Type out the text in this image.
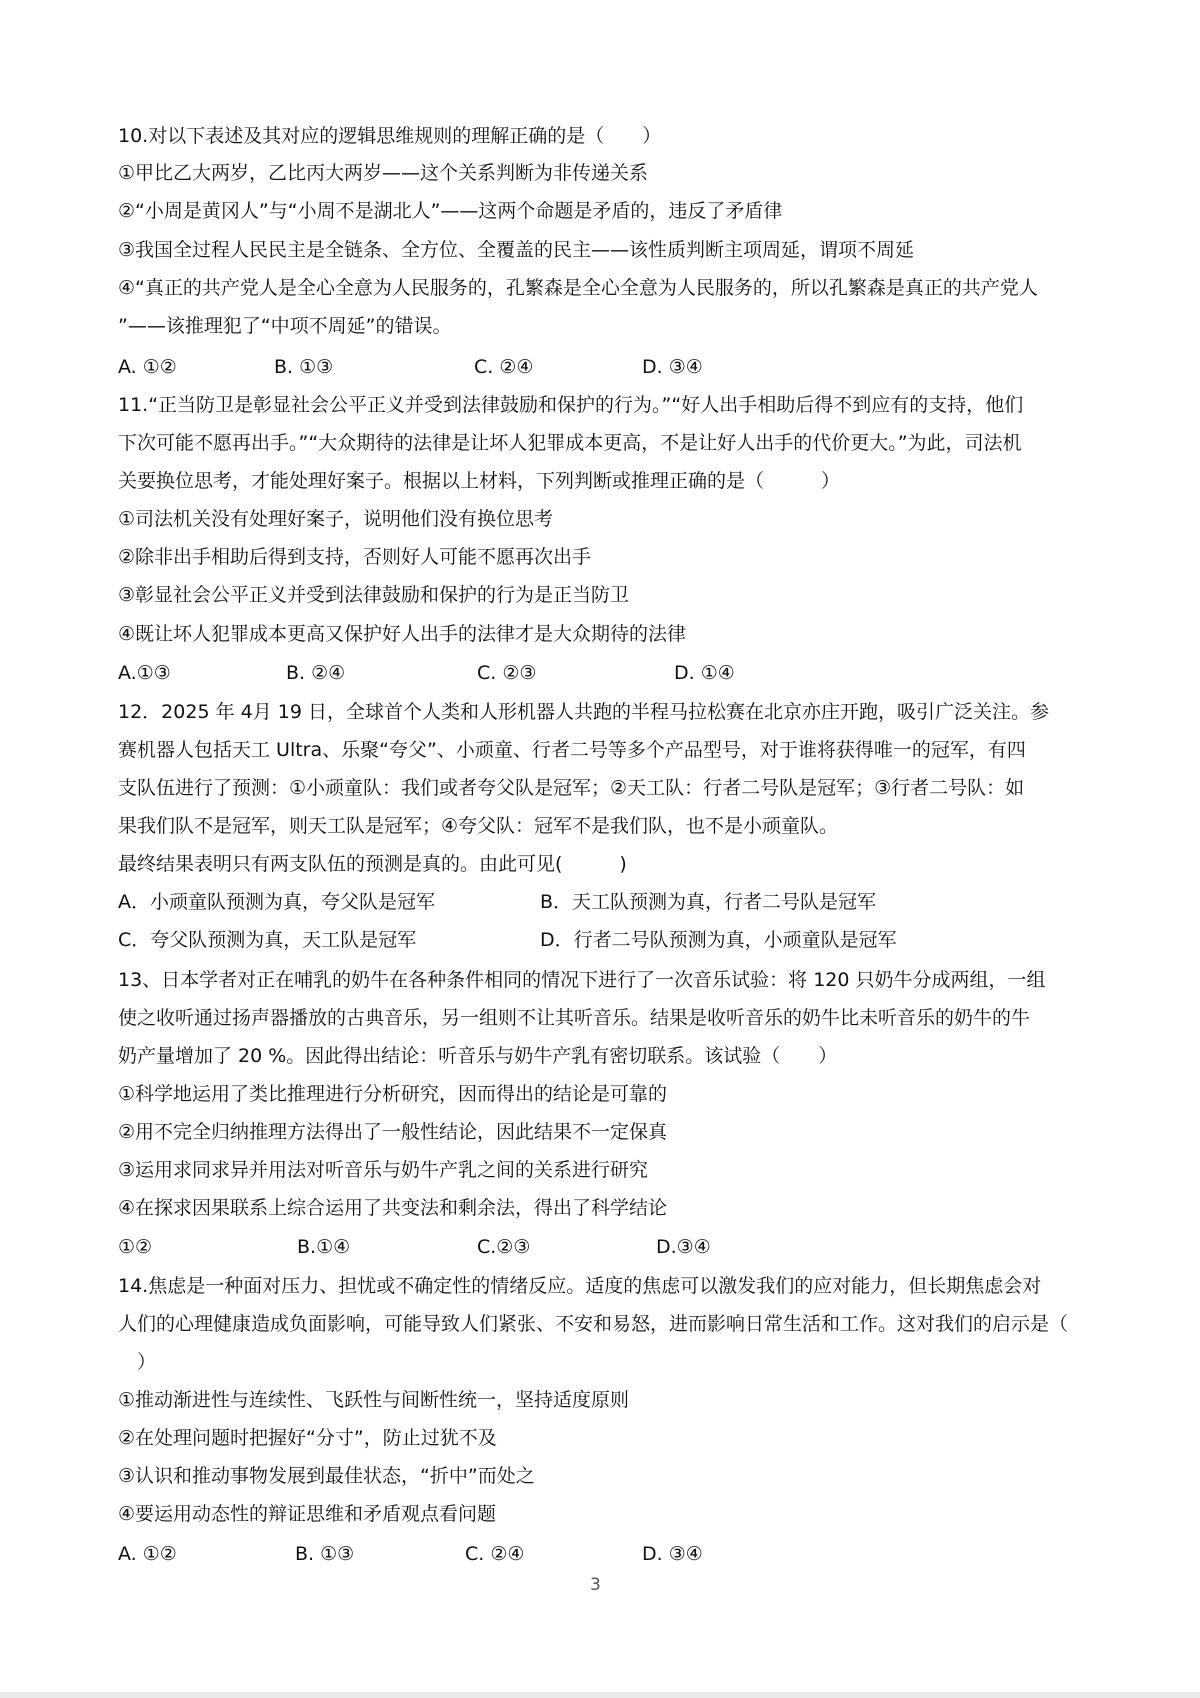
10.对以下表述及其对应的逻辑思维规则的理解正确的是（　　）
①甲比乙大两岁，乙比丙大两岁——这个关系判断为非传递关系
②“小周是黄冈人”与“小周不是湖北人”——这两个命题是矛盾的，违反了矛盾律
③我国全过程人民民主是全链条、全方位、全覆盖的民主——该性质判断主项周延，谓项不周延
④“真正的共产党人是全心全意为人民服务的，孔繁森是全心全意为人民服务的，所以孔繁森是真正的共产党人
”——该推理犯了“中项不周延”的错误。
A. ①②	B. ①③	C. ②④	D. ③④
11.“正当防卫是彰显社会公平正义并受到法律鼓励和保护的行为。”“好人出手相助后得不到应有的支持，他们
下次可能不愿再出手。”“大众期待的法律是让坏人犯罪成本更高，不是让好人出手的代价更大。”为此，司法机
关要换位思考，才能处理好案子。根据以上材料，下列判断或推理正确的是（　　　）
①司法机关没有处理好案子，说明他们没有换位思考
②除非出手相助后得到支持，否则好人可能不愿再次出手
③彰显社会公平正义并受到法律鼓励和保护的行为是正当防卫
④既让坏人犯罪成本更高又保护好人出手的法律才是大众期待的法律
A.①③	B. ②④	C. ②③	D. ①④
12．2025 年 4月 19 日，全球首个人类和人形机器人共跑的半程马拉松赛在北京亦庄开跑，吸引广泛关注。参
赛机器人包括天工 Ultra、乐聚“夸父”、小顽童、行者二号等多个产品型号，对于谁将获得唯一的冠军，有四
支队伍进行了预测：①小顽童队：我们或者夸父队是冠军；②天工队：行者二号队是冠军；③行者二号队：如
果我们队不是冠军，则天工队是冠军；④夸父队：冠军不是我们队，也不是小顽童队。
最终结果表明只有两支队伍的预测是真的。由此可见(　　　)
A．小顽童队预测为真，夸父队是冠军	B．天工队预测为真，行者二号队是冠军
C．夸父队预测为真，天工队是冠军	D．行者二号队预测为真，小顽童队是冠军
13、日本学者对正在哺乳的奶牛在各种条件相同的情况下进行了一次音乐试验：将 120 只奶牛分成两组，一组
使之收听通过扬声器播放的古典音乐，另一组则不让其听音乐。结果是收听音乐的奶牛比未听音乐的奶牛的牛
奶产量增加了 20 %。因此得出结论：听音乐与奶牛产乳有密切联系。该试验（　　）
①科学地运用了类比推理进行分析研究，因而得出的结论是可靠的
②用不完全归纳推理方法得出了一般性结论，因此结果不一定保真
③运用求同求异并用法对听音乐与奶牛产乳之间的关系进行研究
④在探求因果联系上综合运用了共变法和剩余法，得出了科学结论
①②	B.①④	C.②③	D.③④
14.焦虑是一种面对压力、担忧或不确定性的情绪反应。适度的焦虑可以激发我们的应对能力，但长期焦虑会对
人们的心理健康造成负面影响，可能导致人们紧张、不安和易怒，进而影响日常生活和工作。这对我们的启示是（
　）
①推动渐进性与连续性、飞跃性与间断性统一，坚持适度原则
②在处理问题时把握好“分寸”，防止过犹不及
③认识和推动事物发展到最佳状态，“折中”而处之
④要运用动态性的辩证思维和矛盾观点看问题
A. ①②	B. ①③	C. ②④	D. ③④
3
